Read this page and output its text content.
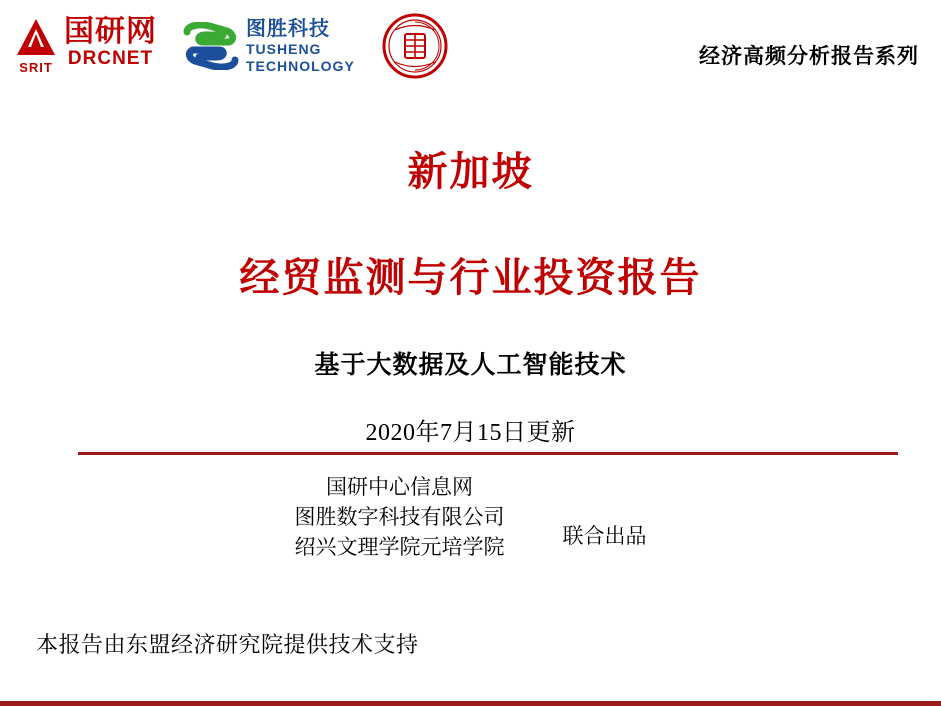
SRIT
国研网
DRCNET
图胜科技
TUSHENG
TECHNOLOGY	经济高频分析报告系列
新加坡
经贸监测与行业投资报告
基于大数据及人工智能技术
2020年7月15日更新
国研中心信息网
图胜数字科技有限公司
绍兴文理学院元培学院	联合出品
本报告由东盟经济研究院提供技术支持
